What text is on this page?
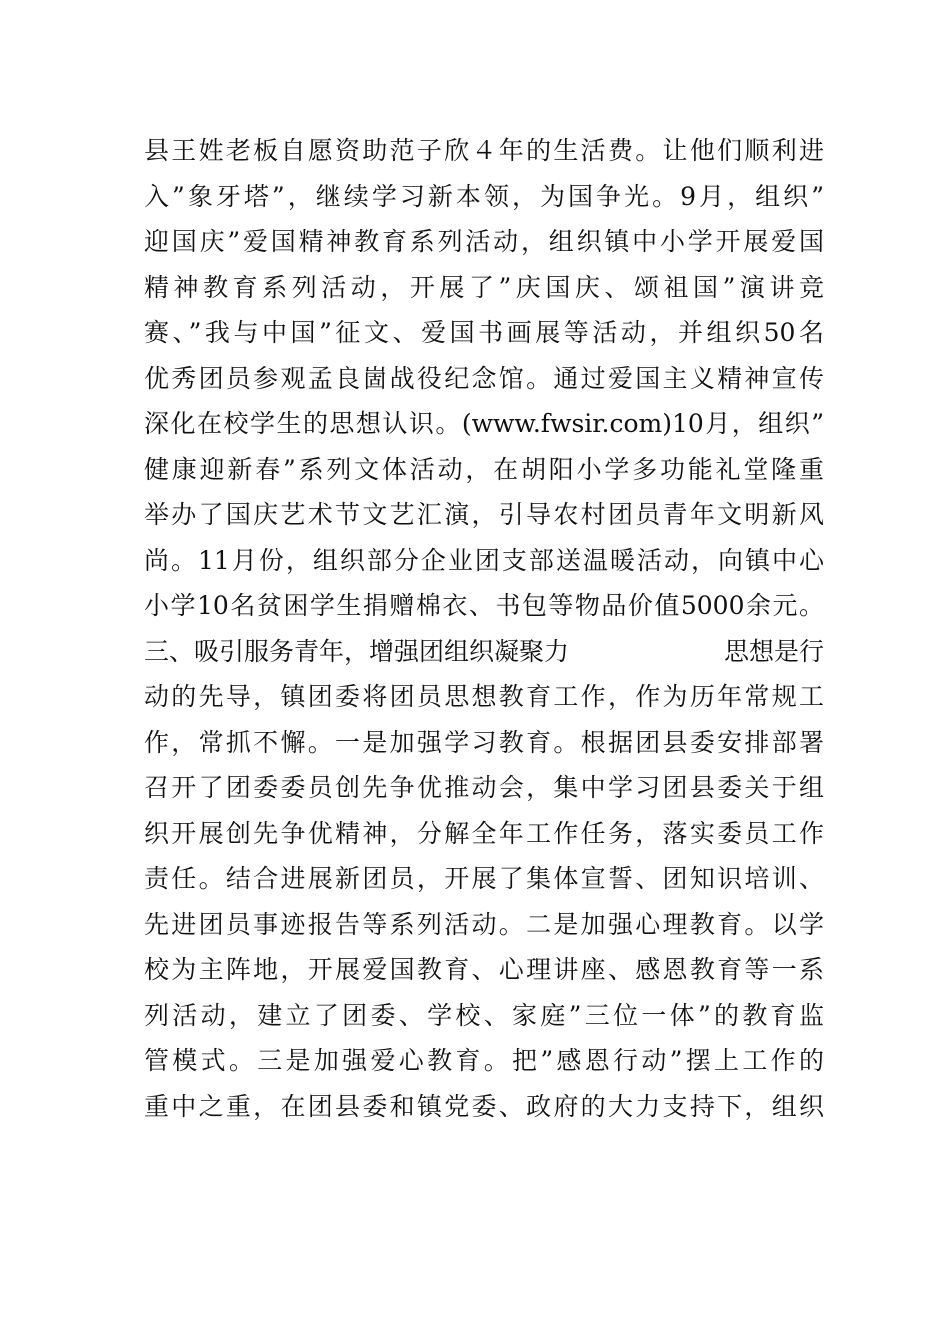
县王姓老板自愿资助范子欣４年的生活费。让他们顺利进
入”象牙塔”，继续学习新本领，为国争光。9月，组织”
迎国庆”爱国精神教育系列活动，组织镇中小学开展爱国
精神教育系列活动，开展了”庆国庆、颂祖国”演讲竞
赛、”我与中国”征文、爱国书画展等活动，并组织50名
优秀团员参观孟良崮战役纪念馆。通过爱国主义精神宣传
深化在校学生的思想认识。(www.fwsir.com)10月，组织”
健康迎新春”系列文体活动，在胡阳小学多功能礼堂隆重
举办了国庆艺术节文艺汇演，引导农村团员青年文明新风
尚。11月份，组织部分企业团支部送温暖活动，向镇中心
小学10名贫困学生捐赠棉衣、书包等物品价值5000余元。
三、吸引服务青年，增强团组织凝聚力	思想是行
动的先导，镇团委将团员思想教育工作，作为历年常规工
作，常抓不懈。一是加强学习教育。根据团县委安排部署
召开了团委委员创先争优推动会，集中学习团县委关于组
织开展创先争优精神，分解全年工作任务，落实委员工作
责任。结合进展新团员，开展了集体宣誓、团知识培训、
先进团员事迹报告等系列活动。二是加强心理教育。以学
校为主阵地，开展爱国教育、心理讲座、感恩教育等一系
列活动，建立了团委、学校、家庭”三位一体”的教育监
管模式。三是加强爱心教育。把”感恩行动”摆上工作的
重中之重，在团县委和镇党委、政府的大力支持下，组织
